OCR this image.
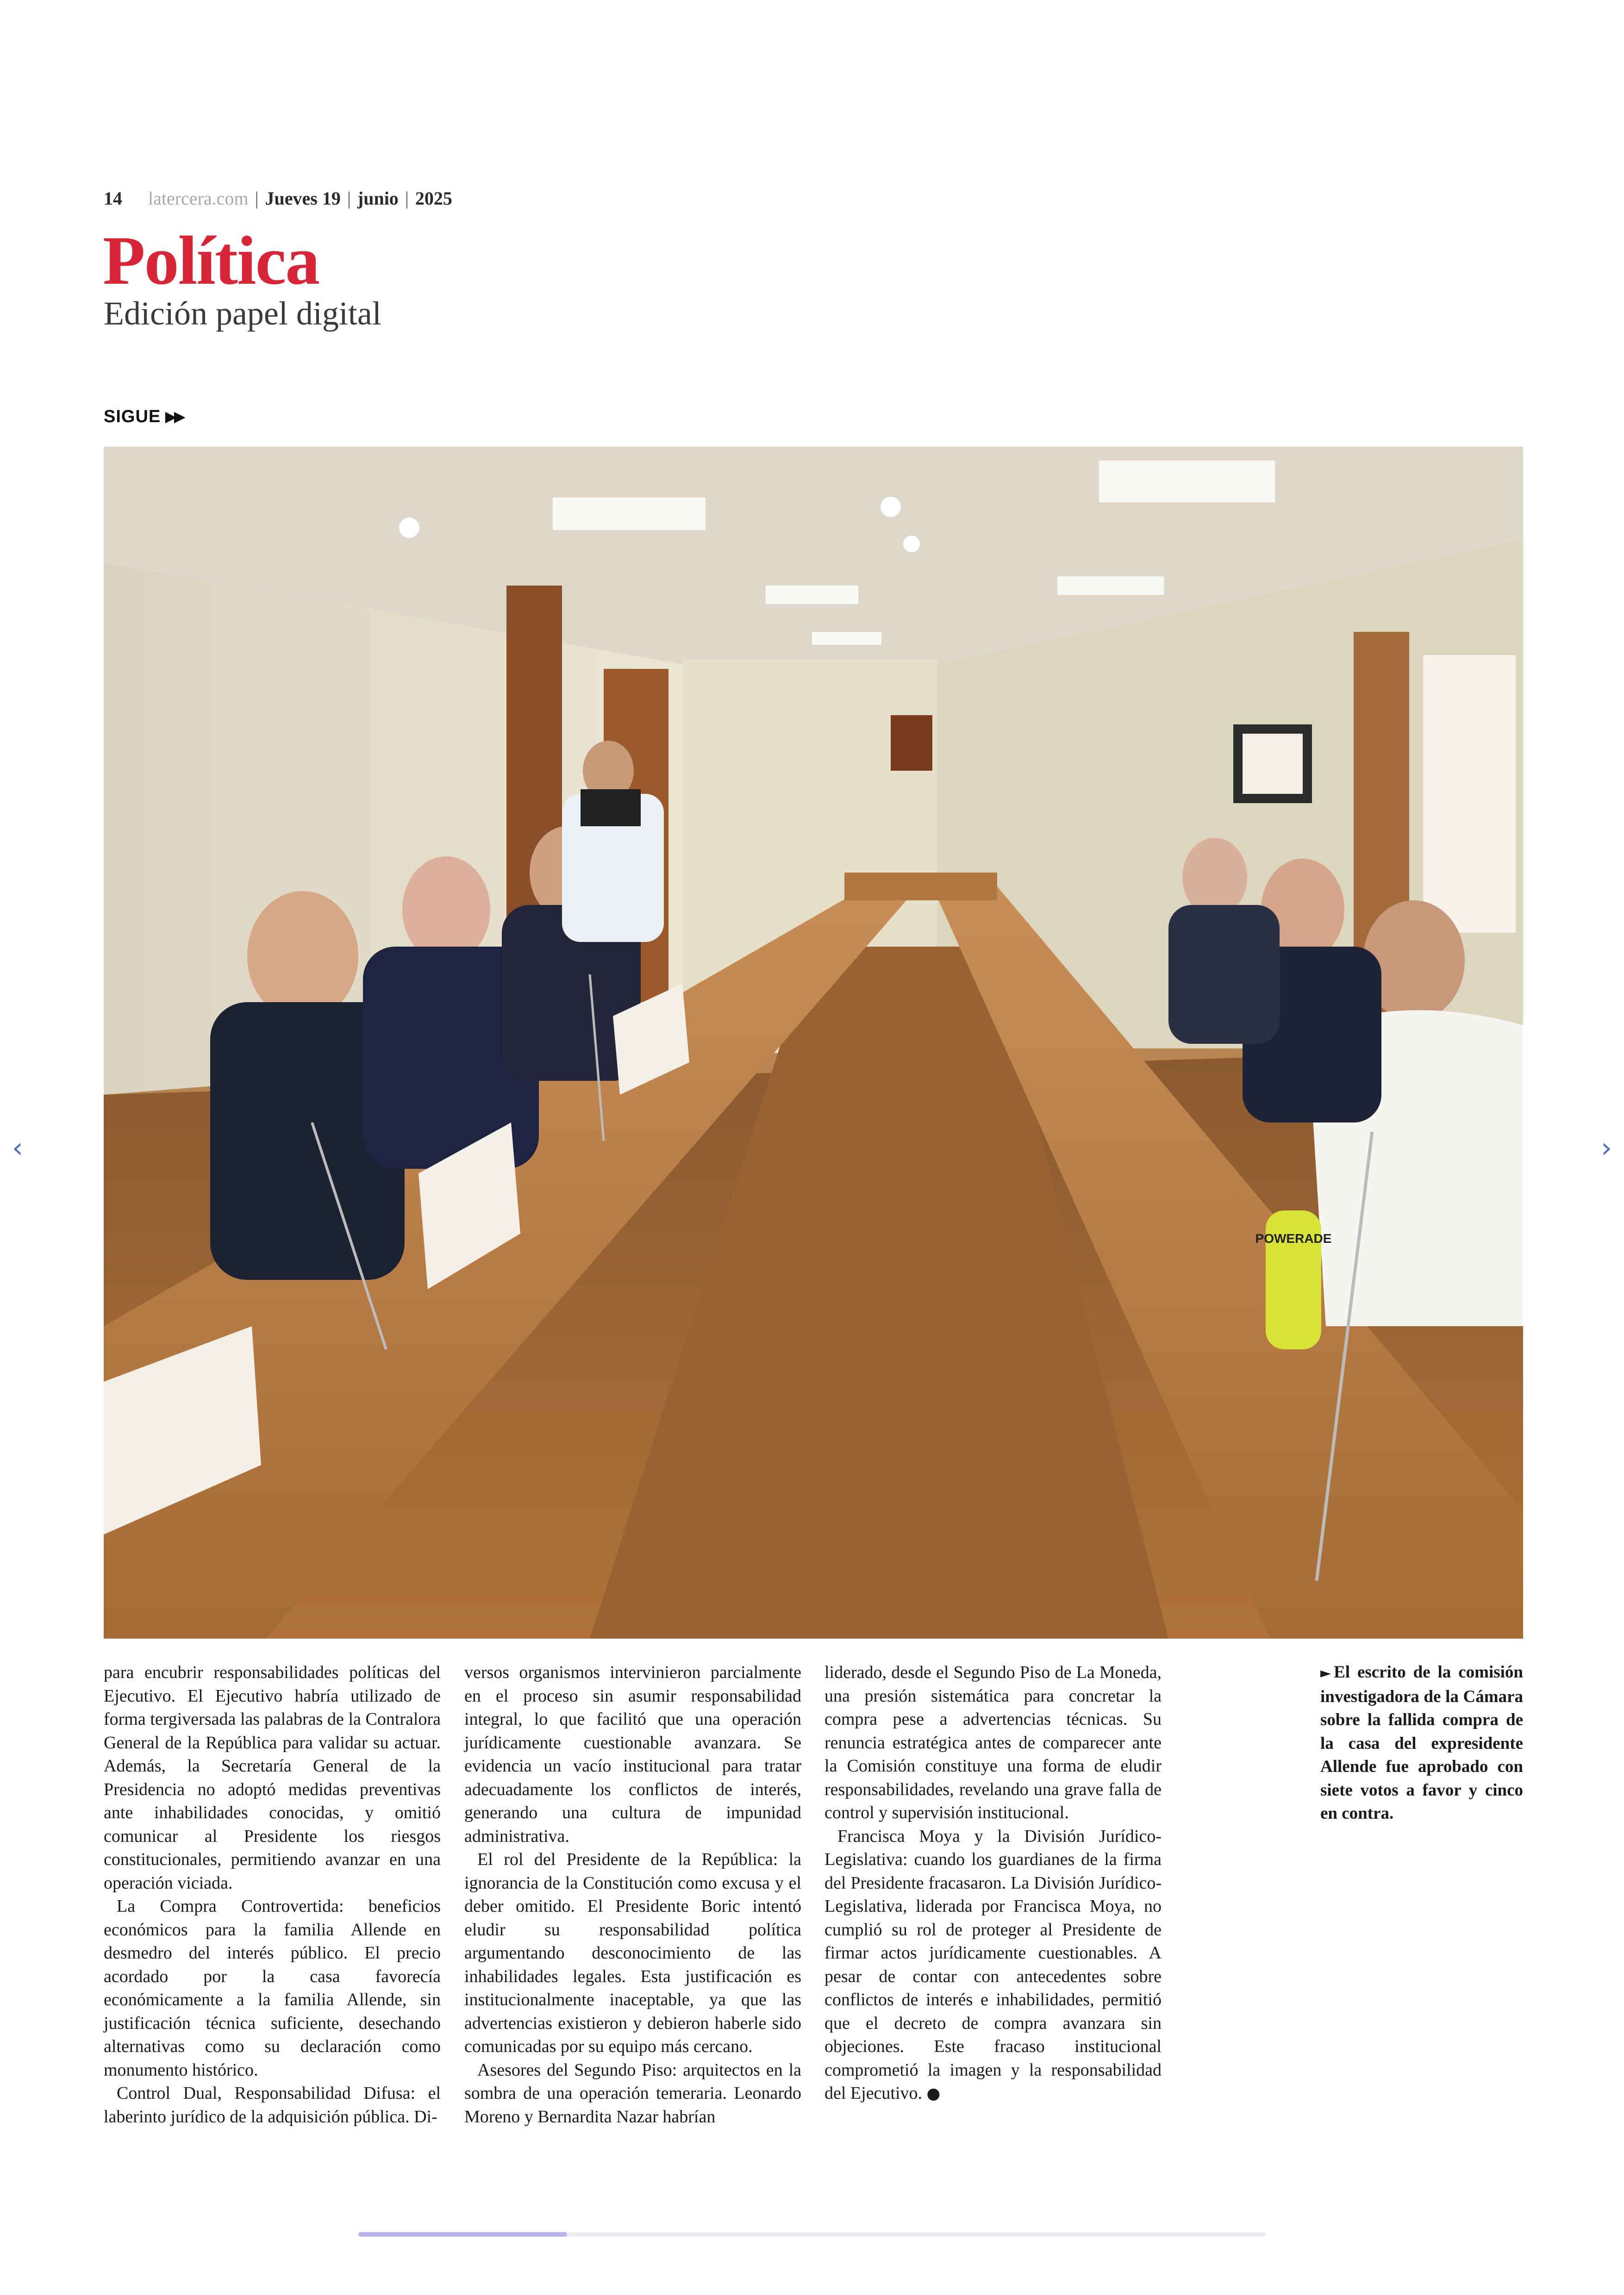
14 latercera.com | Jueves 19 | junio | 2025
Política
Edición papel digital
SIGUE ▶▶
POWERADE
‹	›

para encubrir responsabilidades políticas del Ejecutivo. El Ejecutivo habría utilizado de forma tergiversada las palabras de la Contralora General de la República para validar su actuar. Además, la Secretaría General de la Presidencia no adoptó medidas preventivas ante inhabilidades conocidas, y omitió comunicar al Presidente los riesgos constitucionales, permitiendo avanzar en una operación viciada.

La Compra Controvertida: beneficios económicos para la familia Allende en desmedro del interés público. El precio acordado por la casa favorecía económicamente a la familia Allende, sin justificación técnica suficiente, desechando alternativas como su declaración como monumento histórico.

Control Dual, Responsabilidad Difusa: el laberinto jurídico de la adquisición pública. Di-

versos organismos intervinieron parcialmente en el proceso sin asumir responsabilidad integral, lo que facilitó que una operación jurídicamente cuestionable avanzara. Se evidencia un vacío institucional para tratar adecuadamente los conflictos de interés, generando una cultura de impunidad administrativa.

El rol del Presidente de la República: la ignorancia de la Constitución como excusa y el deber omitido. El Presidente Boric intentó eludir su responsabilidad política argumentando desconocimiento de las inhabilidades legales. Esta justificación es institucionalmente inaceptable, ya que las advertencias existieron y debieron haberle sido comunicadas por su equipo más cercano.

Asesores del Segundo Piso: arquitectos en la sombra de una operación temeraria. Leonardo Moreno y Bernardita Nazar habrían

liderado, desde el Segundo Piso de La Moneda, una presión sistemática para concretar la compra pese a advertencias técnicas. Su renuncia estratégica antes de comparecer ante la Comisión constituye una forma de eludir responsabilidades, revelando una grave falla de control y supervisión institucional.

Francisca Moya y la División Jurídico-Legislativa: cuando los guardianes de la firma del Presidente fracasaron. La División Jurídico-Legislativa, liderada por Francisca Moya, no cumplió su rol de proteger al Presidente de firmar actos jurídicamente cuestionables. A pesar de contar con antecedentes sobre conflictos de interés e inhabilidades, permitió que el decreto de compra avanzara sin objeciones. Este fracaso institucional comprometió la imagen y la responsabilidad del Ejecutivo. ●

► El escrito de la comisión investigadora de la Cámara sobre la fallida compra de la casa del expresidente Allende fue aprobado con siete votos a favor y cinco en contra.
